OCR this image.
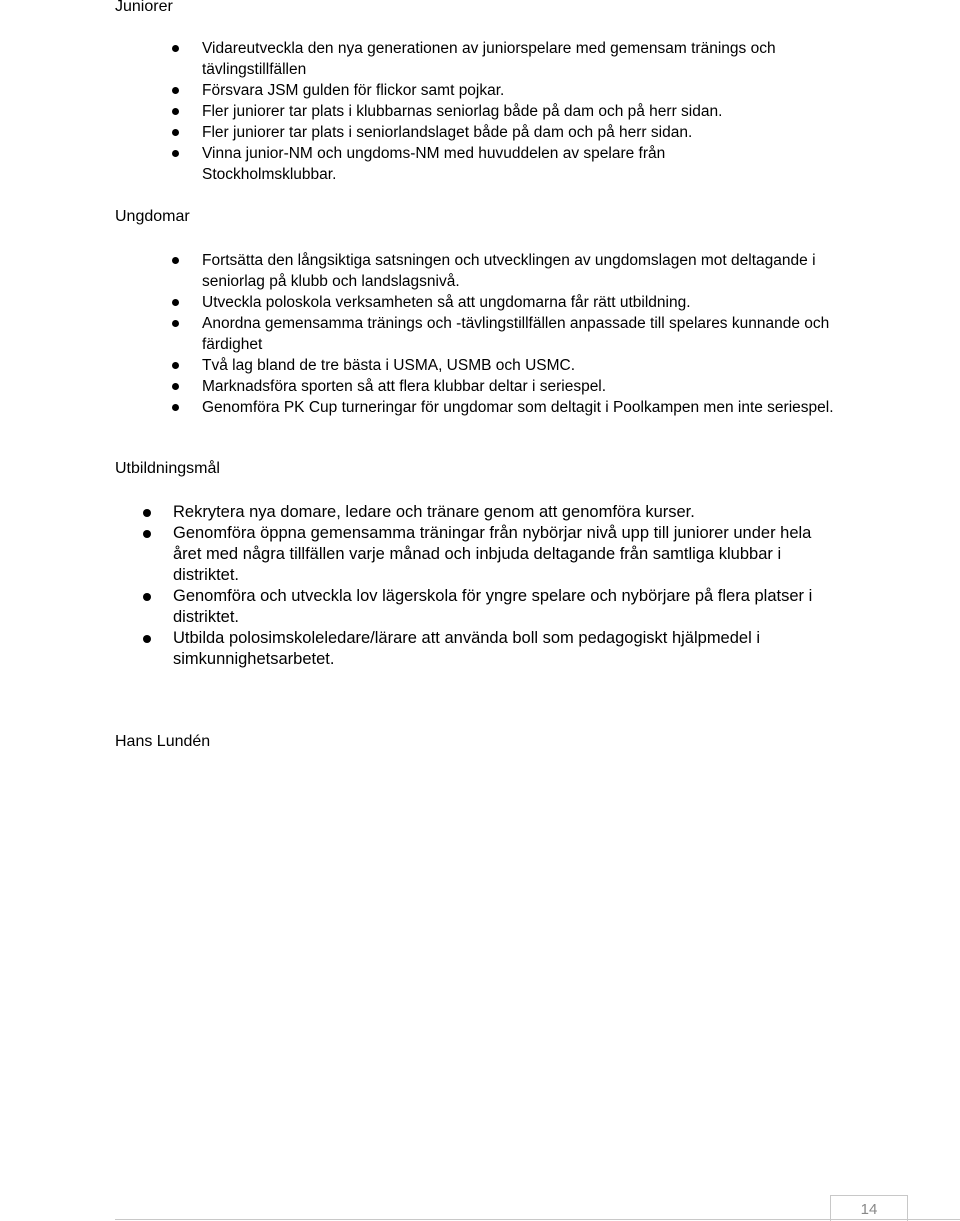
Juniorer
Vidareutveckla den nya generationen av juniorspelare med gemensam tränings och tävlingstillfällen
Försvara JSM gulden för flickor samt pojkar.
Fler juniorer tar plats i klubbarnas seniorlag både på dam och på herr sidan.
Fler juniorer tar plats i seniorlandslaget både på dam och på herr sidan.
Vinna junior-NM och ungdoms-NM med huvuddelen av spelare från Stockholmsklubbar.
Ungdomar
Fortsätta den långsiktiga satsningen och utvecklingen av ungdomslagen mot deltagande i seniorlag på klubb och landslagsnivå.
Utveckla poloskola verksamheten så att ungdomarna får rätt utbildning.
Anordna gemensamma tränings och -tävlingstillfällen anpassade till spelares kunnande och färdighet
Två lag bland de tre bästa i USMA, USMB och USMC.
Marknadsföra sporten så att flera klubbar deltar i seriespel.
Genomföra PK Cup turneringar för ungdomar som deltagit i Poolkampen men inte seriespel.
Utbildningsmål
Rekrytera nya domare, ledare och tränare genom att genomföra kurser.
Genomföra öppna gemensamma träningar från nybörjar nivå upp till juniorer under hela året med några tillfällen varje månad och inbjuda deltagande från samtliga klubbar i distriktet.
Genomföra och utveckla lov lägerskola för yngre spelare och nybörjare på flera platser i distriktet.
Utbilda polosimskoleledare/lärare att använda boll som pedagogiskt hjälpmedel i simkunnighetsarbetet.

Hans Lundén

14
